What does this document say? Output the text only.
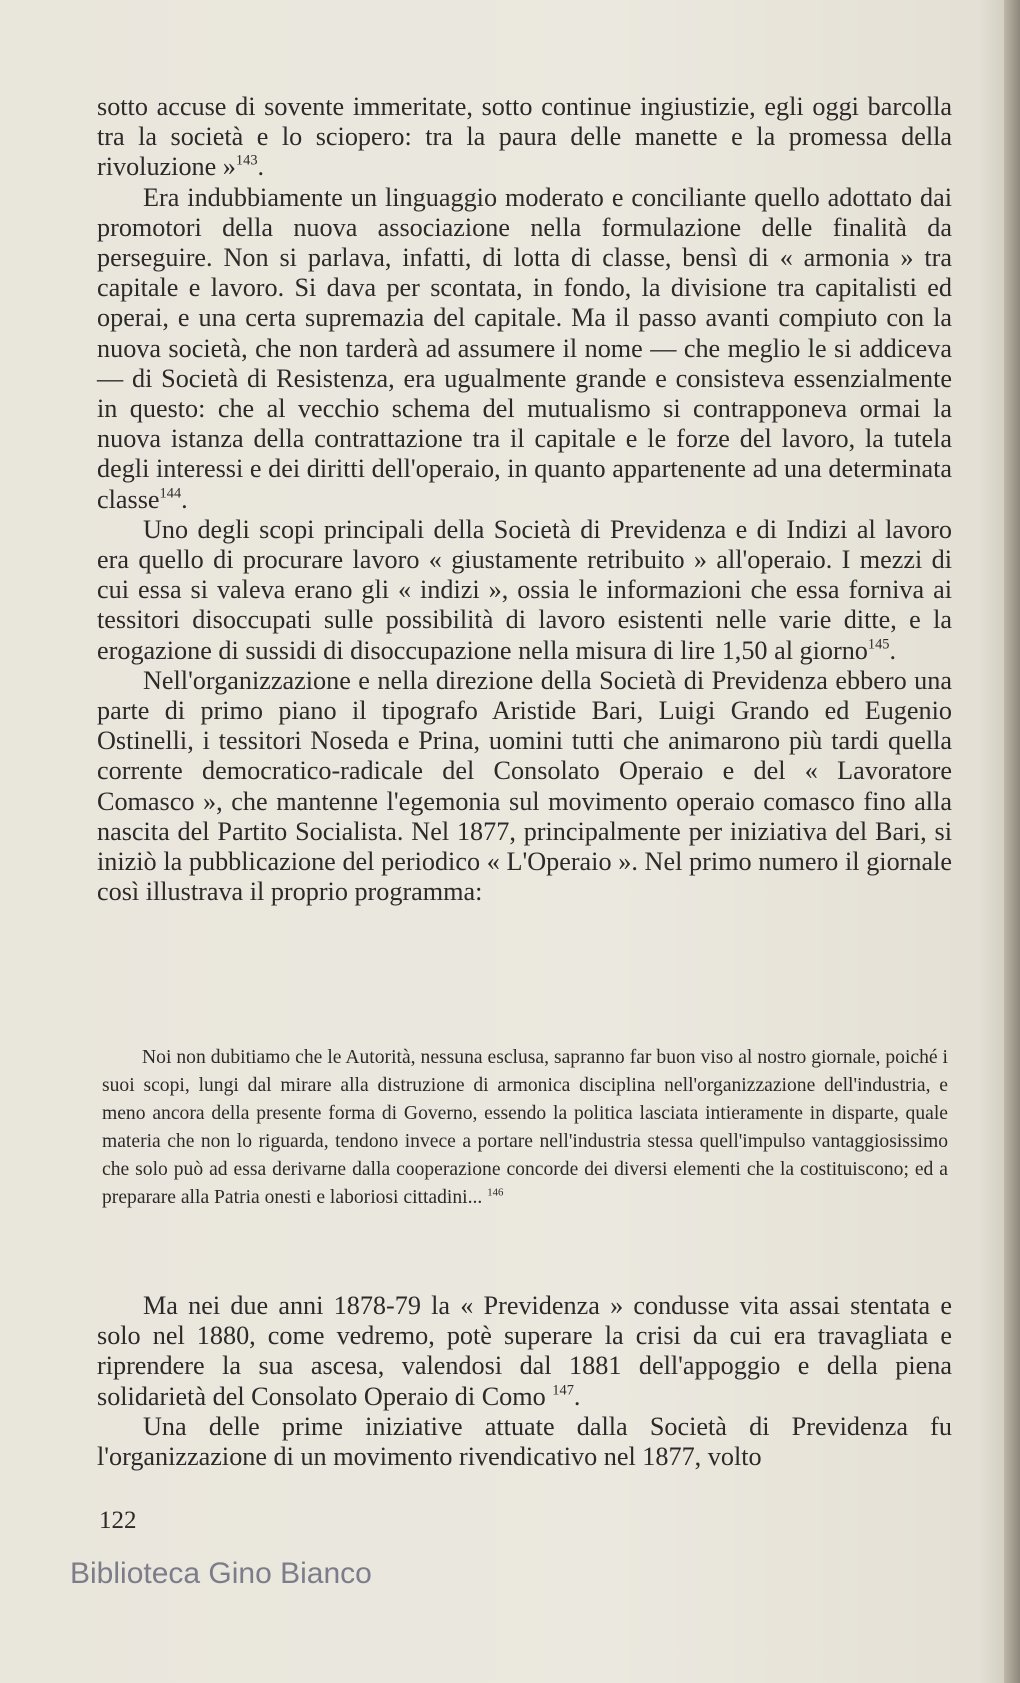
sotto accuse di sovente immeritate, sotto continue ingiustizie, egli oggi barcolla tra la società e lo sciopero: tra la paura delle manette e la promessa della rivoluzione »$^{143}$.

Era indubbiamente un linguaggio moderato e conciliante quello adottato dai promotori della nuova associazione nella formulazione delle finalità da perseguire. Non si parlava, infatti, di lotta di classe, bensì di « armonia » tra capitale e lavoro. Si dava per scontata, in fondo, la divisione tra capitalisti ed operai, e una certa supremazia del capitale. Ma il passo avanti compiuto con la nuova società, che non tarderà ad assumere il nome — che meglio le si addiceva — di Società di Resistenza, era ugualmente grande e consisteva essenzialmente in questo: che al vecchio schema del mutualismo si contrapponeva ormai la nuova istanza della contrattazione tra il capitale e le forze del lavoro, la tutela degli interessi e dei diritti dell'operaio, in quanto appartenente ad una determinata classe$^{144}$.

Uno degli scopi principali della Società di Previdenza e di Indizi al lavoro era quello di procurare lavoro « giustamente retribuito » all'operaio. I mezzi di cui essa si valeva erano gli « indizi », ossia le informazioni che essa forniva ai tessitori disoccupati sulle possibilità di lavoro esistenti nelle varie ditte, e la erogazione di sussidi di disoccupazione nella misura di lire 1,50 al giorno$^{145}$.

Nell'organizzazione e nella direzione della Società di Previdenza ebbero una parte di primo piano il tipografo Aristide Bari, Luigi Grando ed Eugenio Ostinelli, i tessitori Noseda e Prina, uomini tutti che animarono più tardi quella corrente democratico-radicale del Consolato Operaio e del « Lavoratore Comasco », che mantenne l'egemonia sul movimento operaio comasco fino alla nascita del Partito Socialista. Nel 1877, principalmente per iniziativa del Bari, si iniziò la pubblicazione del periodico « L'Operaio ». Nel primo numero il giornale così illustrava il proprio programma:

Noi non dubitiamo che le Autorità, nessuna esclusa, sapranno far buon viso al nostro giornale, poiché i suoi scopi, lungi dal mirare alla distruzione di armonica disciplina nell'organizzazione dell'industria, e meno ancora della presente forma di Governo, essendo la politica lasciata intieramente in disparte, quale materia che non lo riguarda, tendono invece a portare nell'industria stessa quell'impulso vantaggiosissimo che solo può ad essa derivarne dalla cooperazione concorde dei diversi elementi che la costituiscono; ed a preparare alla Patria onesti e laboriosi cittadini... $^{146}$

Ma nei due anni 1878-79 la « Previdenza » condusse vita assai stentata e solo nel 1880, come vedremo, potè superare la crisi da cui era travagliata e riprendere la sua ascesa, valendosi dal 1881 dell'appoggio e della piena solidarietà del Consolato Operaio di Como $^{147}$.

Una delle prime iniziative attuate dalla Società di Previdenza fu l'organizzazione di un movimento rivendicativo nel 1877, volto

122
Biblioteca Gino Bianco
